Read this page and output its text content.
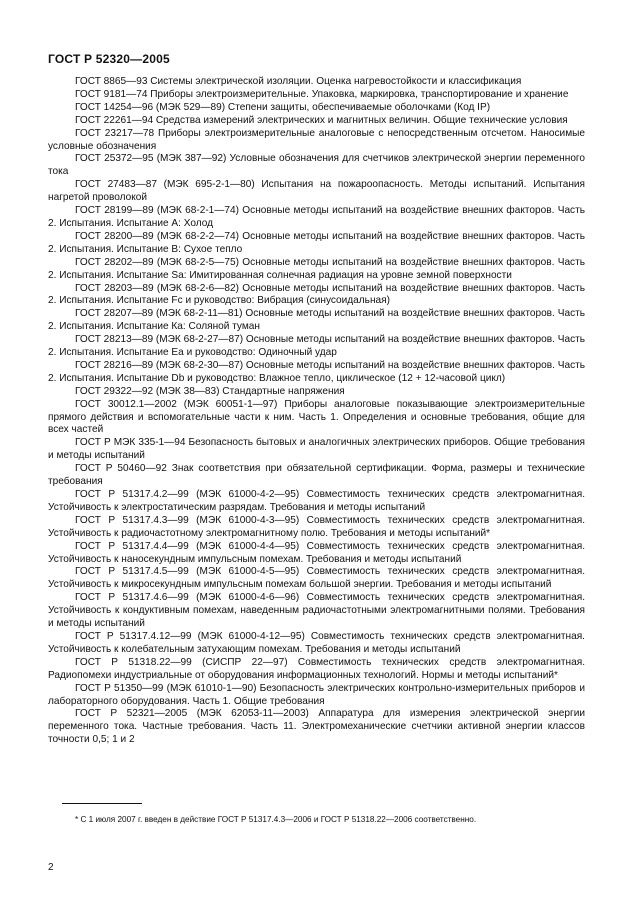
ГОСТ Р 52320—2005

ГОСТ 8865—93 Системы электрической изоляции. Оценка нагревостойкости и классификация

ГОСТ 9181—74 Приборы электроизмерительные. Упаковка, маркировка, транспортирование и хранение

ГОСТ 14254—96 (МЭК 529—89) Степени защиты, обеспечиваемые оболочками (Код IP)

ГОСТ 22261—94 Средства измерений электрических и магнитных величин. Общие технические условия

ГОСТ 23217—78 Приборы электроизмерительные аналоговые с непосредственным отсчетом. Наносимые условные обозначения

ГОСТ 25372—95 (МЭК 387—92) Условные обозначения для счетчиков электрической энергии переменного тока

ГОСТ 27483—87 (МЭК 695-2-1—80) Испытания на пожароопасность. Методы испытаний. Испытания нагретой проволокой

ГОСТ 28199—89 (МЭК 68-2-1—74) Основные методы испытаний на воздействие внешних факторов. Часть 2. Испытания. Испытание А: Холод

ГОСТ 28200—89 (МЭК 68-2-2—74) Основные методы испытаний на воздействие внешних факторов. Часть 2. Испытания. Испытание В: Сухое тепло

ГОСТ 28202—89 (МЭК 68-2-5—75) Основные методы испытаний на воздействие внешних факторов. Часть 2. Испытания. Испытание Sa: Имитированная солнечная радиация на уровне земной поверхности

ГОСТ 28203—89 (МЭК 68-2-6—82) Основные методы испытаний на воздействие внешних факторов. Часть 2. Испытания. Испытание Fc и руководство: Вибрация (синусоидальная)

ГОСТ 28207—89 (МЭК 68-2-11—81) Основные методы испытаний на воздействие внешних факторов. Часть 2. Испытания. Испытание Ка: Соляной туман

ГОСТ 28213—89 (МЭК 68-2-27—87) Основные методы испытаний на воздействие внешних факторов. Часть 2. Испытания. Испытание Еа и руководство: Одиночный удар

ГОСТ 28216—89 (МЭК 68-2-30—87) Основные методы испытаний на воздействие внешних факторов. Часть 2. Испытания. Испытание Db и руководство: Влажное тепло, циклическое (12 + 12-часовой цикл)

ГОСТ 29322—92 (МЭК 38—83) Стандартные напряжения

ГОСТ 30012.1—2002 (МЭК 60051-1—97) Приборы аналоговые показывающие электроизмерительные прямого действия и вспомогательные части к ним. Часть 1. Определения и основные требования, общие для всех частей

ГОСТ Р МЭК 335-1—94 Безопасность бытовых и аналогичных электрических приборов. Общие требования и методы испытаний

ГОСТ Р 50460—92 Знак соответствия при обязательной сертификации. Форма, размеры и технические требования

ГОСТ Р 51317.4.2—99 (МЭК 61000-4-2—95) Совместимость технических средств электромагнитная. Устойчивость к электростатическим разрядам. Требования и методы испытаний

ГОСТ Р 51317.4.3—99 (МЭК 61000-4-3—95) Совместимость технических средств электромагнитная. Устойчивость к радиочастотному электромагнитному полю. Требования и методы испытаний*

ГОСТ Р 51317.4.4—99 (МЭК 61000-4-4—95) Совместимость технических средств электромагнитная. Устойчивость к наносекундным импульсным помехам. Требования и методы испытаний

ГОСТ Р 51317.4.5—99 (МЭК 61000-4-5—95) Совместимость технических средств электромагнитная. Устойчивость к микросекундным импульсным помехам большой энергии. Требования и методы испытаний

ГОСТ Р 51317.4.6—99 (МЭК 61000-4-6—96) Совместимость технических средств электромагнитная. Устойчивость к кондуктивным помехам, наведенным радиочастотными электромагнитными полями. Требования и методы испытаний

ГОСТ Р 51317.4.12—99 (МЭК 61000-4-12—95) Совместимость технических средств электромагнитная. Устойчивость к колебательным затухающим помехам. Требования и методы испытаний

ГОСТ Р 51318.22—99 (СИСПР 22—97) Совместимость технических средств электромагнитная. Радиопомехи индустриальные от оборудования информационных технологий. Нормы и методы испытаний*

ГОСТ Р 51350—99 (МЭК 61010-1—90) Безопасность электрических контрольно-измерительных приборов и лабораторного оборудования. Часть 1. Общие требования

ГОСТ Р 52321—2005 (МЭК 62053-11—2003) Аппаратура для измерения электрической энергии переменного тока. Частные требования. Часть 11. Электромеханические счетчики активной энергии классов точности 0,5; 1 и 2

* С 1 июля 2007 г. введен в действие ГОСТ Р 51317.4.3—2006 и ГОСТ Р 51318.22—2006 соответственно.
2
